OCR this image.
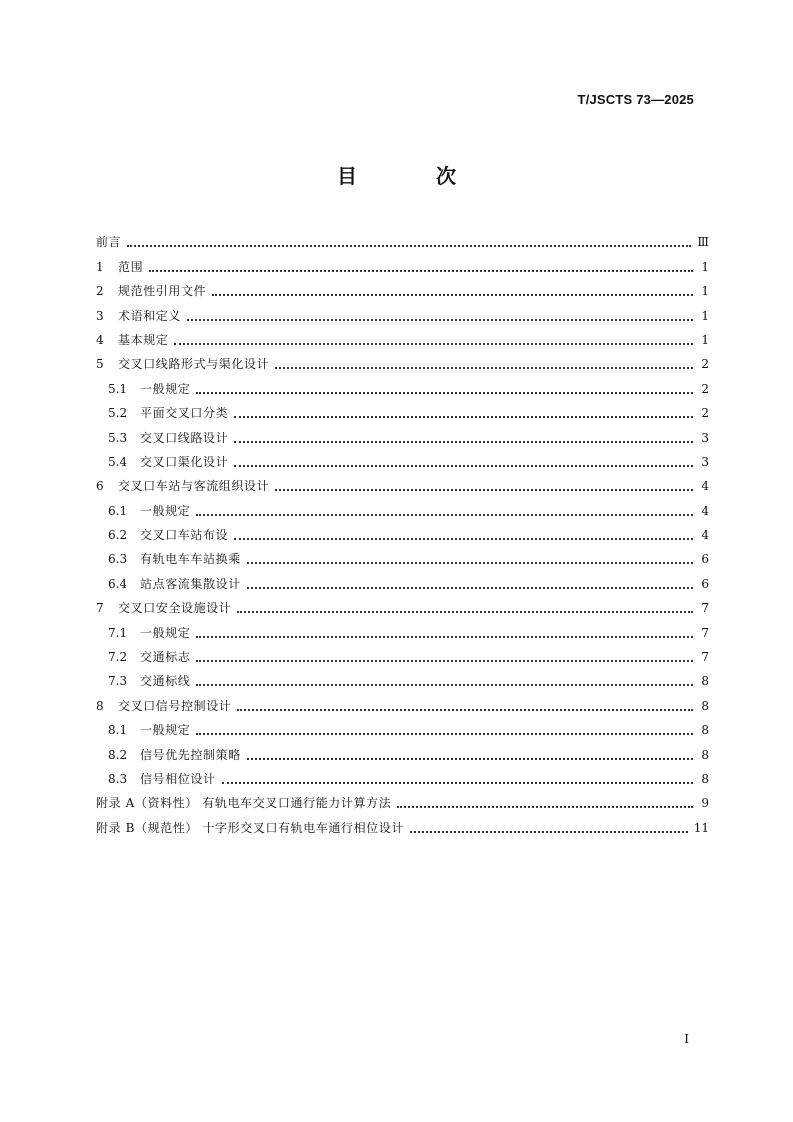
T/JSCTS 73—2025
目 次
前言	Ⅲ
1	范围	1
2	规范性引用文件	1
3	术语和定义	1
4	基本规定	1
5	交叉口线路形式与渠化设计	2
5.1	一般规定	2
5.2	平面交叉口分类	2
5.3	交叉口线路设计	3
5.4	交叉口渠化设计	3
6	交叉口车站与客流组织设计	4
6.1	一般规定	4
6.2	交叉口车站布设	4
6.3	有轨电车车站换乘	6
6.4	站点客流集散设计	6
7	交叉口安全设施设计	7
7.1	一般规定	7
7.2	交通标志	7
7.3	交通标线	8
8	交叉口信号控制设计	8
8.1	一般规定	8
8.2	信号优先控制策略	8
8.3	信号相位设计	8
附录 A（资料性） 有轨电车交叉口通行能力计算方法	9
附录 B（规范性） 十字形交叉口有轨电车通行相位设计	11
I
